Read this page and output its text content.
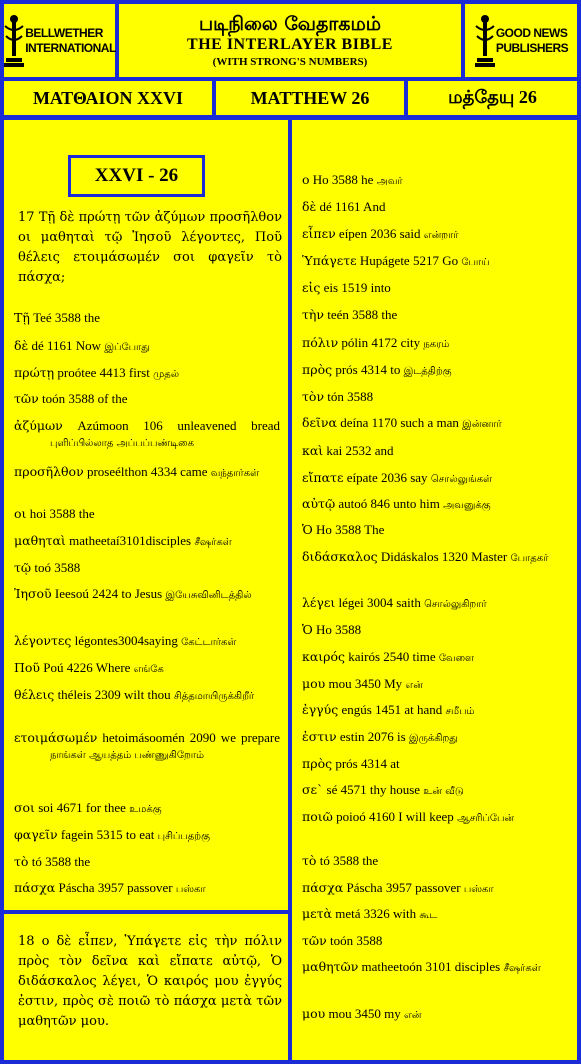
BELLWETHER
INTERNATIONAL
படிநிலை வேதாகமம்
THE INTERLAYER BIBLE
(WITH STRONG'S NUMBERS)
GOOD NEWS
PUBLISHERS
ΜΑΤΘΑΙΟΝ XXVI	MATTHEW 26	மத்தேயு 26
XXVI - 26
17 Τῇ δὲ πρώτῃ τῶν ἀζύμων προσῆλθον οι μαθηταὶ τῷ Ἰησοῦ λέγοντες, Ποῦ θέλεις ετοιμάσωμέν σοι φαγεῖν τὸ πάσχα;
Τῇ Teé 3588 the
δὲ dé 1161 Now இப்போது
πρώτῃ proótee 4413 first முதல்
τῶν toón 3588 of the
ἀζύμων Azúmoon 106 unleavened bread புளிப்பில்லாத அப்பப்பண்டிகை
προσῆλθον proseélthon 4334 came வந்தார்கள்
οι hoi 3588 the
μαθηταὶ matheetaí3101disciples சீஷர்கள்
τῷ toó 3588
Ἰησοῦ Ieesoú 2424 to Jesus இயேசுவினிடத்தில்
λέγοντες légontes3004saying கேட்டார்கள்
Ποῦ Poú 4226 Where எங்கே
θέλεις théleis 2309 wilt thou சித்தமாயிருக்கிறீர்
ετοιμάσωμέν hetoimásoomén 2090 we prepare நாங்கள் ஆயத்தம் பண்ணுகிறோம்
σοι soi 4671 for thee உமக்கு
φαγεῖν fagein 5315 to eat புசிப்பதற்கு
τὸ tó 3588 the
πάσχα Páscha 3957 passover பஸ்கா
18 ο δὲ εἶπεν, Ὑπάγετε εἰς τὴν πόλιν πρὸς τὸν δεῖνα καὶ εἴπατε αὐτῷ, Ὁ διδάσκαλος λέγει, Ὁ καιρός μου ἐγγύς ἐστιν, πρὸς σὲ ποιῶ τὸ πάσχα μετὰ τῶν μαθητῶν μου.
ο Ho 3588 he அவர்
δὲ dé 1161 And
εἶπεν eípen 2036 said என்றார்
Ὑπάγετε Hupágete 5217 Go போய்
εἰς eis 1519 into
τὴν teén 3588 the
πόλιν pólin 4172 city நகரம்
πρὸς prós 4314 to இடத்திற்கு
τὸν tón 3588
δεῖνα deína 1170 such a man இன்னார்
καὶ kai 2532 and
εἴπατε eípate 2036 say சொல்லுங்கள்
αὐτῷ autoó 846 unto him அவனுக்கு
Ὁ Ho 3588 The
διδάσκαλος Didáskalos 1320 Master போதகர்
λέγει légei 3004 saith சொல்லுகிறார்
Ὁ Ho 3588
καιρός kairós 2540 time வேளை
μου mou 3450 My என்
ἐγγύς engús 1451 at hand சமீபம்
ἐστιν estin 2076 is இருக்கிறது
πρὸς prós 4314 at
σε` sé 4571 thy house உன் வீடு
ποιῶ poioó 4160 I will keep ஆசரிப்பேன்
τὸ tó 3588 the
πάσχα Páscha 3957 passover பஸ்கா
μετὰ metá 3326 with கூட
τῶν toón 3588
μαθητῶν matheetoón 3101 disciples சீஷர்கள்
μου mou 3450 my என்
